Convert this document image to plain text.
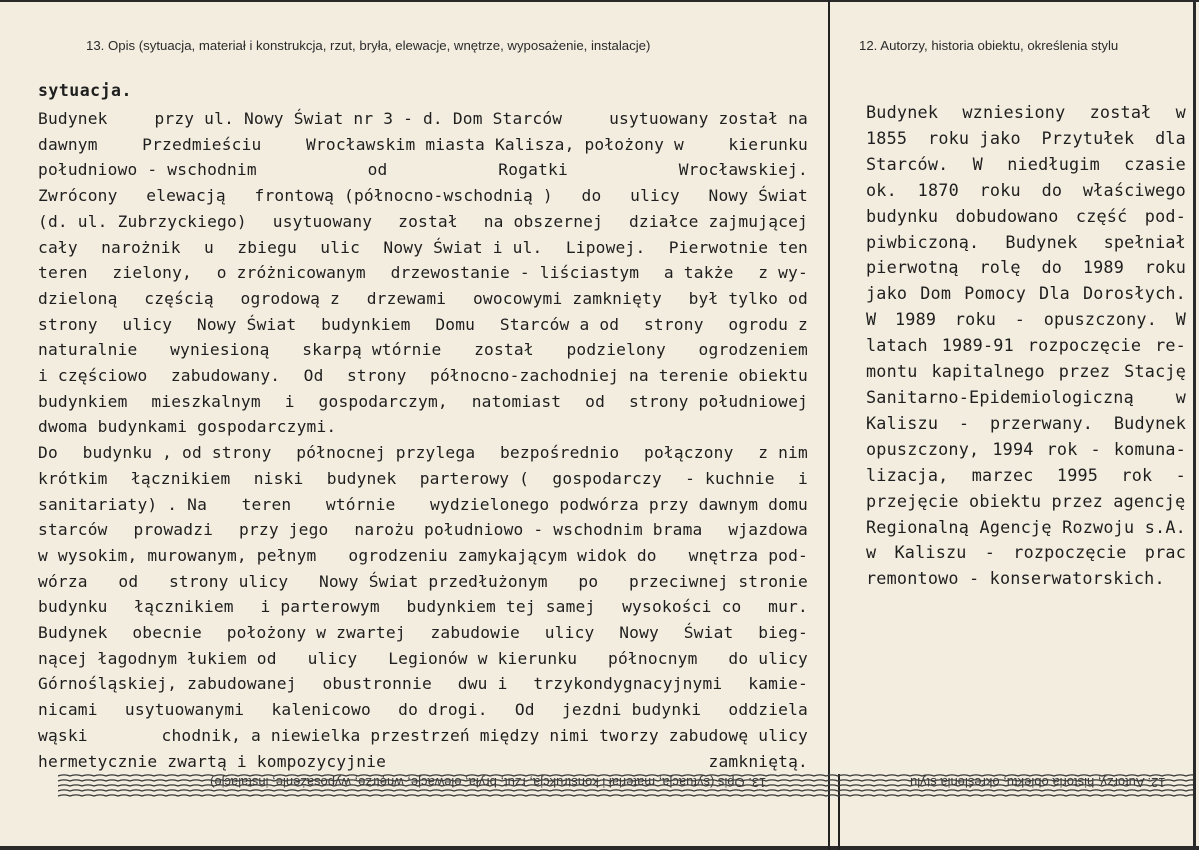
13. Opis (sytuacja, materiał i konstrukcja, rzut, bryła, elewacje, wnętrze, wyposażenie, instalacje)	12. Autorzy, historia obiektu, określenia stylu
sytuacja.
Budynek	przy ul. Nowy Świat nr 3 - d. Dom Starców	usytuowany został na
dawnym	Przedmieściu	Wrocławskim miasta Kalisza, położony w	kierunku
południowo - wschodnim	od	Rogatki	Wrocławskiej.
Zwrócony elewacją frontową (północno-wschodnią ) do ulicy Nowy Świat
(d. ul. Zubrzyckiego) usytuowany został na obszernej działce zajmującej
cały narożnik u zbiegu ulic Nowy Świat i ul. Lipowej. Pierwotnie ten
teren zielony, o zróżnicowanym drzewostanie - liściastym a także z wy-
dzieloną częścią ogrodową z drzewami owocowymi zamknięty był tylko od
strony ulicy Nowy Świat budynkiem Domu Starców a od strony ogrodu z
naturalnie wyniesioną skarpą wtórnie został podzielony ogrodzeniem
i częściowo zabudowany. Od strony północno-zachodniej na terenie obiektu
budynkiem mieszkalnym i gospodarczym, natomiast od strony południowej
dwoma budynkami gospodarczymi.
Do budynku , od strony północnej przylega bezpośrednio połączony z nim
krótkim łącznikiem niski budynek parterowy ( gospodarczy - kuchnie i
sanitariaty) . Na teren wtórnie wydzielonego podwórza przy dawnym domu
starców prowadzi przy jego narożu południowo - wschodnim brama wjazdowa
w wysokim, murowanym, pełnym ogrodzeniu zamykającym widok do wnętrza pod-
wórza od strony ulicy Nowy Świat przedłużonym po przeciwnej stronie
budynku łącznikiem i parterowym budynkiem tej samej wysokości co mur.
Budynek obecnie położony w zwartej zabudowie ulicy Nowy Świat bieg-
nącej łagodnym łukiem od ulicy Legionów w kierunku północnym do ulicy
Górnośląskiej, zabudowanej obustronnie dwu i trzykondygnacyjnymi kamie-
nicami usytuowanymi kalenicowo do drogi. Od jezdni budynki oddziela
wąski	chodnik, a niewielka przestrzeń między nimi tworzy zabudowę ulicy
hermetycznie zwartą i kompozycyjnie	zamkniętą.
Budynek wzniesiony został w
1855 roku jako Przytułek dla
Starców. W niedługim czasie
ok. 1870 roku do właściwego
budynku dobudowano część pod-
piwbiczoną. Budynek spełniał
pierwotną rolę do 1989 roku
jako Dom Pomocy Dla Dorosłych.
W 1989 roku - opuszczony. W
latach 1989-91 rozpoczęcie re-
montu kapitalnego przez Stację
Sanitarno-Epidemiologiczną w
Kaliszu - przerwany. Budynek
opuszczony, 1994 rok - komuna-
lizacja, marzec 1995 rok -
przejęcie obiektu przez agencję
Regionalną Agencję Rozwoju s.A.
w Kaliszu - rozpoczęcie prac
remontowo - konserwatorskich.
13. Opis (sytuacja, materiał i konstrukcja, rzut, bryła, elewacje, wnętrze, wyposażenie, instalacje)	12. Autorzy, historia obiektu, określenia stylu
